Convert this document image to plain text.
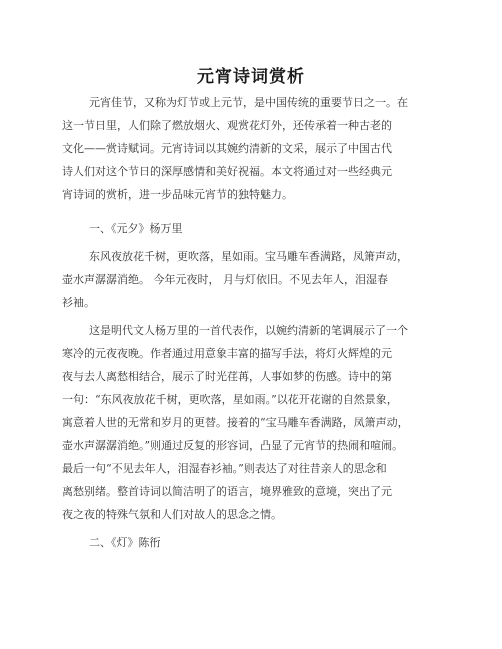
元宵诗词赏析
元宵佳节，又称为灯节或上元节，是中国传统的重要节日之一。在
这一节日里，人们除了燃放烟火、观赏花灯外，还传承着一种古老的
文化——赏诗赋词。元宵诗词以其婉约清新的文采，展示了中国古代
诗人们对这个节日的深厚感情和美好祝福。本文将通过对一些经典元
宵诗词的赏析，进一步品味元宵节的独特魅力。
一、《元夕》杨万里
东风夜放花千树，更吹落，星如雨。宝马雕车香满路，凤箫声动，
壶水声潺潺消绝。 今年元夜时， 月与灯依旧。不见去年人，泪湿春
衫袖。
这是明代文人杨万里的一首代表作，以婉约清新的笔调展示了一个
寒冷的元夜夜晚。作者通过用意象丰富的描写手法，将灯火辉煌的元
夜与去人离愁相结合，展示了时光荏苒，人事如梦的伤感。诗中的第
一句：“东风夜放花千树，更吹落，星如雨。”以花开花谢的自然景象，
寓意着人世的无常和岁月的更替。接着的“宝马雕车香满路，凤箫声动，
壶水声潺潺消绝。”则通过反复的形容词，凸显了元宵节的热闹和喧闹。
最后一句“不见去年人，泪湿春衫袖。”则表达了对往昔亲人的思念和
离愁别绪。整首诗词以简洁明了的语言，境界雅致的意境，突出了元
夜之夜的特殊气氛和人们对故人的思念之情。
二、《灯》陈衎
